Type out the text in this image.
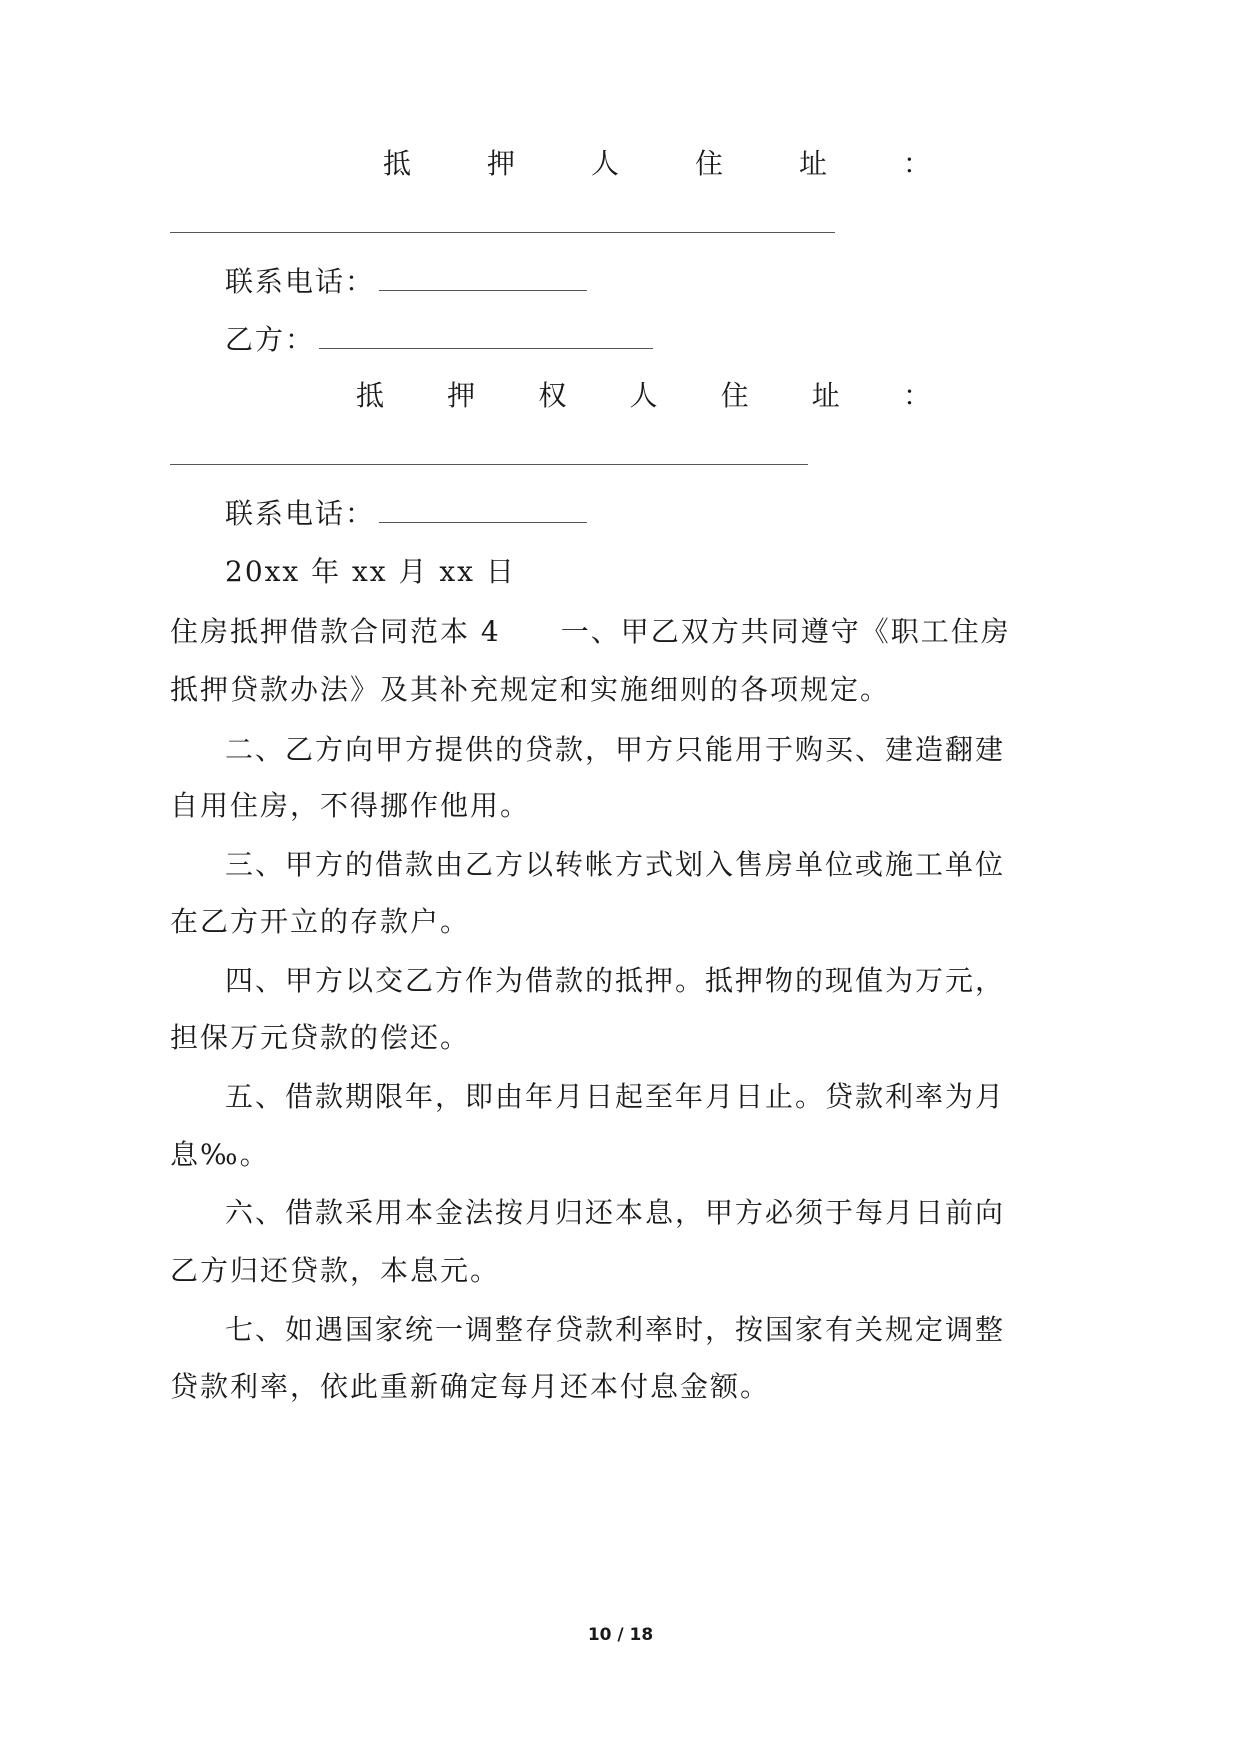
抵	押	人	住	址	：
联系电话：
乙方：
抵 押 权 人 住 址 ：
联系电话：
20xx 年 xx 月 xx 日
住房抵押借款合同范本 4　　一、甲乙双方共同遵守《职工住房
抵押贷款办法》及其补充规定和实施细则的各项规定。
二、乙方向甲方提供的贷款，甲方只能用于购买、建造翻建
自用住房，不得挪作他用。
三、甲方的借款由乙方以转帐方式划入售房单位或施工单位
在乙方开立的存款户。
四、甲方以交乙方作为借款的抵押。抵押物的现值为万元，
担保万元贷款的偿还。
五、借款期限年，即由年月日起至年月日止。贷款利率为月
息‰。
六、借款采用本金法按月归还本息，甲方必须于每月日前向
乙方归还贷款，本息元。
七、如遇国家统一调整存贷款利率时，按国家有关规定调整
贷款利率，依此重新确定每月还本付息金额。
10 / 18
